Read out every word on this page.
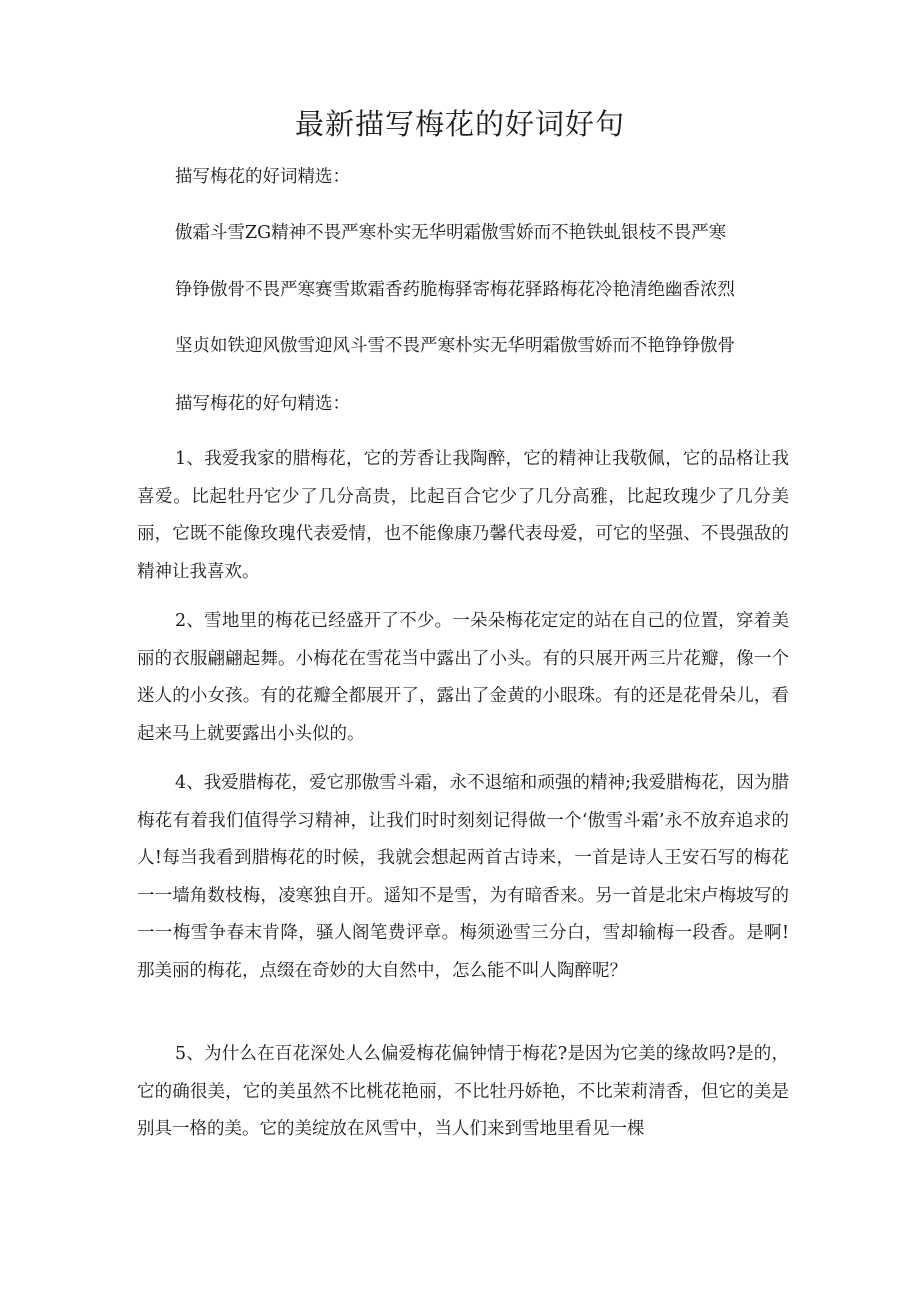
最新描写梅花的好词好句
描写梅花的好词精选：
傲霜斗雪ZG精神不畏严寒朴实无华明霜傲雪娇而不艳铁虬银枝不畏严寒
铮铮傲骨不畏严寒赛雪欺霜香药脆梅驿寄梅花驿路梅花冷艳清绝幽香浓烈
坚贞如铁迎风傲雪迎风斗雪不畏严寒朴实无华明霜傲雪娇而不艳铮铮傲骨
描写梅花的好句精选：

1、我爱我家的腊梅花，它的芳香让我陶醉，它的精神让我敬佩，它的品格让我喜爱。比起牡丹它少了几分高贵，比起百合它少了几分高雅，比起玫瑰少了几分美丽，它既不能像玫瑰代表爱情，也不能像康乃馨代表母爱，可它的坚强、不畏强敌的精神让我喜欢。

2、雪地里的梅花已经盛开了不少。一朵朵梅花定定的站在自己的位置，穿着美丽的衣服翩翩起舞。小梅花在雪花当中露出了小头。有的只展开两三片花瓣，像一个迷人的小女孩。有的花瓣全都展开了，露出了金黄的小眼珠。有的还是花骨朵儿，看起来马上就要露出小头似的。

4、我爱腊梅花，爱它那傲雪斗霜，永不退缩和顽强的精神;我爱腊梅花，因为腊梅花有着我们值得学习精神，让我们时时刻刻记得做一个‘傲雪斗霜’永不放弃追求的人!每当我看到腊梅花的时候，我就会想起两首古诗来，一首是诗人王安石写的梅花一一墙角数枝梅，凌寒独自开。遥知不是雪，为有暗香来。另一首是北宋卢梅坡写的一一梅雪争春末肯降，骚人阁笔费评章。梅须逊雪三分白，雪却输梅一段香。是啊!那美丽的梅花，点缀在奇妙的大自然中，怎么能不叫人陶醉呢？

5、为什么在百花深处人么偏爱梅花偏钟情于梅花?是因为它美的缘故吗?是的，它的确很美，它的美虽然不比桃花艳丽，不比牡丹娇艳，不比茉莉清香，但它的美是别具一格的美。它的美绽放在风雪中，当人们来到雪地里看见一棵
